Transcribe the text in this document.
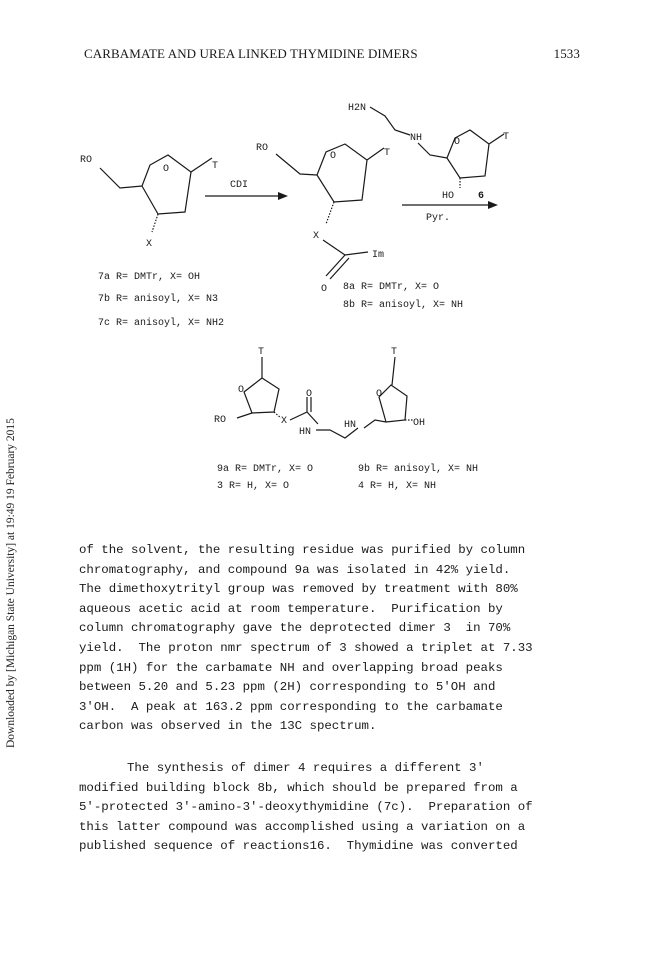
CARBAMATE AND UREA LINKED THYMIDINE DIMERS	1533
Downloaded by [Michigan State University] at 19:49 19 February 2015
RO
T
O
X
CDI
RO	T
O
X
Im
O
H2N
NH	T
O
HO 6
Pyr.
7a R= DMTr, X= OH
7b R= anisoyl, X= N3
7c R= anisoyl, X= NH2
8a R= DMTr, X= O
8b R= anisoyl, X= NH
T
O
RO	X
O
HN
HN
O
T
OH
9a R= DMTr, X= O
3 R= H, X= O
9b R= anisoyl, X= NH
4 R= H, X= NH

of the solvent, the resulting residue was purified by column

chromatography, and compound 9a was isolated in 42% yield.

The dimethoxytrityl group was removed by treatment with 80%

aqueous acetic acid at room temperature.  Purification by

column chromatography gave the deprotected dimer 3  in 70%

yield.  The proton nmr spectrum of 3 showed a triplet at 7.33

ppm (1H) for the carbamate NH and overlapping broad peaks

between 5.20 and 5.23 ppm (2H) corresponding to 5'OH and

3'OH.  A peak at 163.2 ppm corresponding to the carbamate

carbon was observed in the 13C spectrum.

The synthesis of dimer 4 requires a different 3'

modified building block 8b, which should be prepared from a

5'-protected 3'-amino-3'-deoxythymidine (7c).  Preparation of

this latter compound was accomplished using a variation on a

published sequence of reactions16.  Thymidine was converted
